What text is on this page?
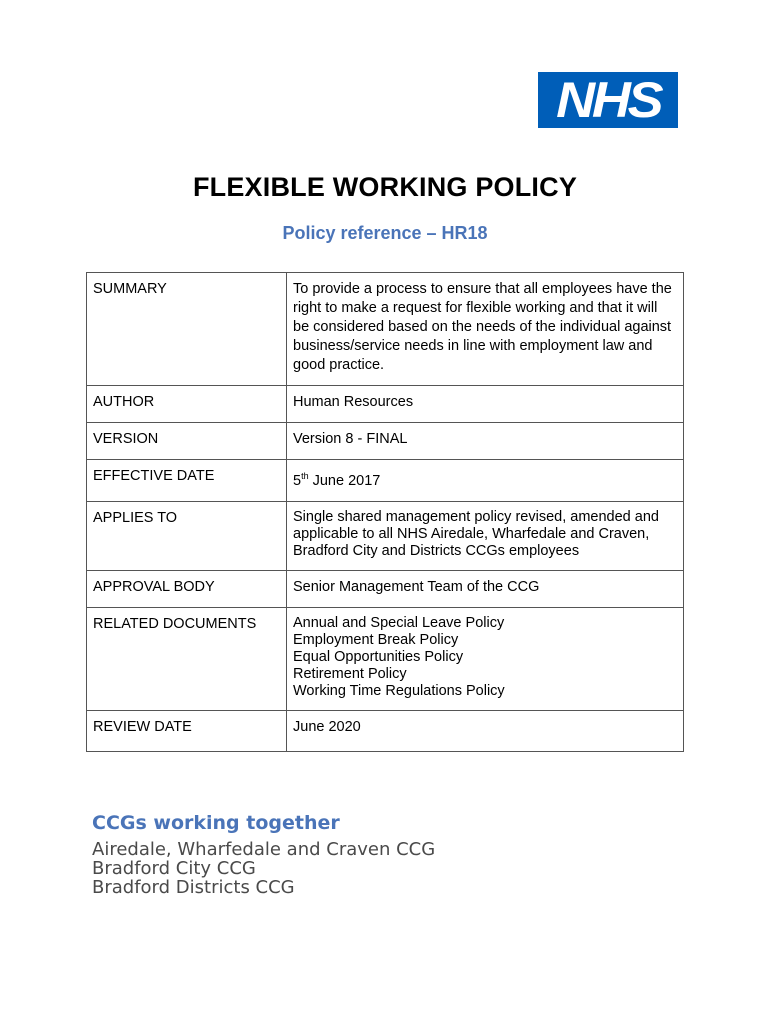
NHS
FLEXIBLE WORKING POLICY
Policy reference – HR18
SUMMARY	To provide a process to ensure that all employees have the right to make a request for flexible working and that it will be considered based on the needs of the individual against business/service needs in line with employment law and good practice.
AUTHOR	Human Resources
VERSION	Version 8 - FINAL
EFFECTIVE DATE	5th June 2017
APPLIES TO	Single shared management policy revised, amended and applicable to all NHS Airedale, Wharfedale and Craven, Bradford City and Districts CCGs employees
APPROVAL BODY	Senior Management Team of the CCG
RELATED DOCUMENTS	Annual and Special Leave Policy
Employment Break Policy
Equal Opportunities Policy
Retirement Policy
Working Time Regulations Policy

REVIEW DATE	June 2020

CCGs working together

Airedale, Wharfedale and Craven CCG

Bradford City CCG

Bradford Districts CCG
